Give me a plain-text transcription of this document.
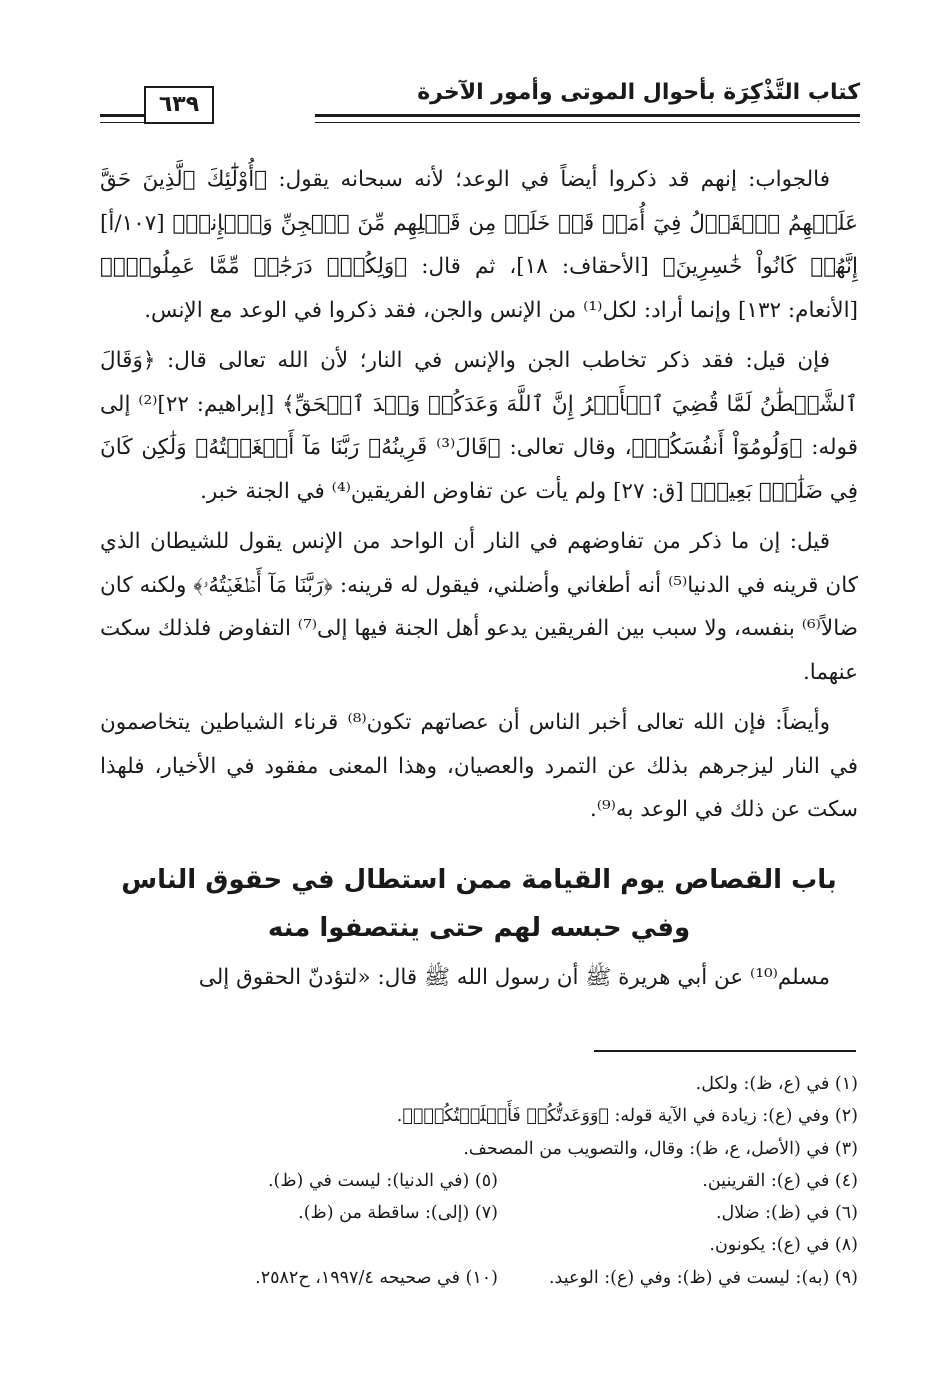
كتاب التَّذْكِرَة بأحوال الموتى وأمور الآخرة
٦٣٩

فالجواب: إنهم قد ذكروا أيضاً في الوعد؛ لأنه سبحانه يقول: ﴿أُوْلَٰٓئِكَ ٱلَّذِينَ حَقَّ عَلَيۡهِمُ ٱلۡقَوۡلُ فِيٓ أُمَمٖ قَدۡ خَلَتۡ مِن قَبۡلِهِم مِّنَ ٱلۡجِنِّ وَٱلۡإِنسِۖ [١٠٧/أ] إِنَّهُمۡ كَانُواْ خَٰسِرِينَ﴾ [الأحقاف: ١٨]، ثم قال: ﴿وَلِكُلّٖ دَرَجَٰتٞ مِّمَّا عَمِلُواْۚ﴾ [الأنعام: ١٣٢] وإنما أراد: لكل⁽¹⁾ من الإنس والجن، فقد ذكروا في الوعد مع الإنس.

فإن قيل: فقد ذكر تخاطب الجن والإنس في النار؛ لأن الله تعالى قال: ﴿وَقَالَ ٱلشَّيۡطَٰنُ لَمَّا قُضِيَ ٱلۡأَمۡرُ إِنَّ ٱللَّهَ وَعَدَكُمۡ وَعۡدَ ٱلۡحَقِّ﴾ [إبراهيم: ٢٢]⁽²⁾ إلى قوله: ﴿وَلُومُوٓاْ أَنفُسَكُمۖ﴾، وقال تعالى: ﴿قَالَ⁽³⁾ قَرِينُهُۥ رَبَّنَا مَآ أَطۡغَيۡتُهُۥ وَلَٰكِن كَانَ فِي ضَلَٰلِۢ بَعِيدٖ﴾ [ق: ٢٧] ولم يأت عن تفاوض الفريقين⁽⁴⁾ في الجنة خبر.

قيل: إن ما ذكر من تفاوضهم في النار أن الواحد من الإنس يقول للشيطان الذي كان قرينه في الدنيا⁽⁵⁾ أنه أطغاني وأضلني، فيقول له قرينه: ﴿رَبَّنَا مَآ أَطۡغَيۡتُهُۥ﴾ ولكنه كان ضالاً⁽⁶⁾ بنفسه، ولا سبب بين الفريقين يدعو أهل الجنة فيها إلى⁽⁷⁾ التفاوض فلذلك سكت عنهما.

وأيضاً: فإن الله تعالى أخبر الناس أن عصاتهم تكون⁽⁸⁾ قرناء الشياطين يتخاصمون في النار ليزجرهم بذلك عن التمرد والعصيان، وهذا المعنى مفقود في الأخيار، فلهذا سكت عن ذلك في الوعد به⁽⁹⁾.

باب القصاص يوم القيامة ممن استطال في حقوق الناس
وفي حبسه لهم حتى ينتصفوا منه

مسلم⁽¹⁰⁾ عن أبي هريرة ﷺ أن رسول الله ﷺ قال: «لتؤدنّ الحقوق إلى

(١) في (ع، ظ): ولكل.
(٢) وفي (ع): زيادة في الآية قوله: ﴿وَوَعَدتُّكُمۡ فَأَخۡلَفۡتُكُمۡۖ﴾.
(٣) في (الأصل، ع، ظ): وقال، والتصويب من المصحف.
(٤) في (ع): القرينين.
(٥) (في الدنيا): ليست في (ظ).
(٦) في (ظ): ضلال.
(٧) (إلى): ساقطة من (ظ).
(٨) في (ع): يكونون.
(٩) (به): ليست في (ظ): وفي (ع): الوعيد.
(١٠) في صحيحه ١٩٩٧/٤، ح٢٥٨٢.
